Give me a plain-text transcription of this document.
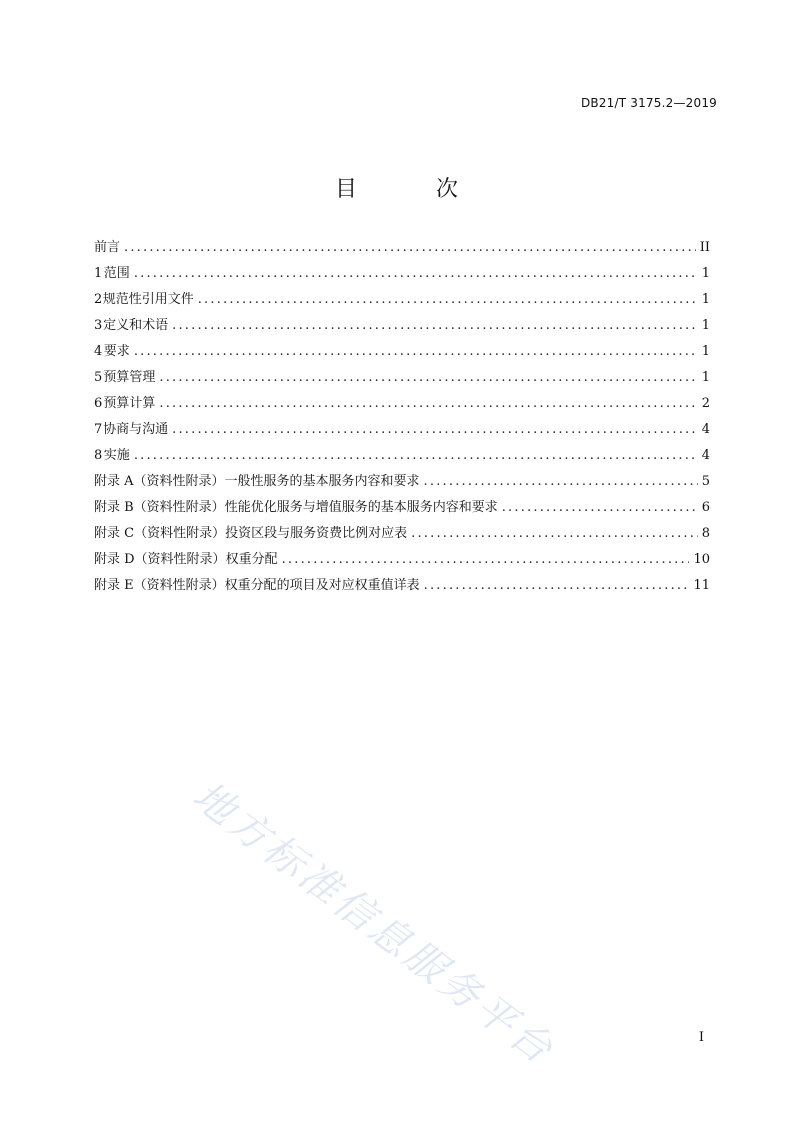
DB21/T 3175.2—2019
目 次
前言 .....	II
1 范围 .....	1
2 规范性引用文件 .....	1
3 定义和术语 .....	1
4 要求 .....	1
5 预算管理 .....	1
6 预算计算 .....	2
7 协商与沟通 .....	4
8 实施 .....	4
附录 A（资料性附录） 一般性服务的基本服务内容和要求 .....	5
附录 B（资料性附录） 性能优化服务与增值服务的基本服务内容和要求 .....	6
附录 C（资料性附录） 投资区段与服务资费比例对应表 .....	8
附录 D（资料性附录） 权重分配 .....	10
附录 E（资料性附录） 权重分配的项目及对应权重值详表 .....	11
地方标准信息服务平台	I
